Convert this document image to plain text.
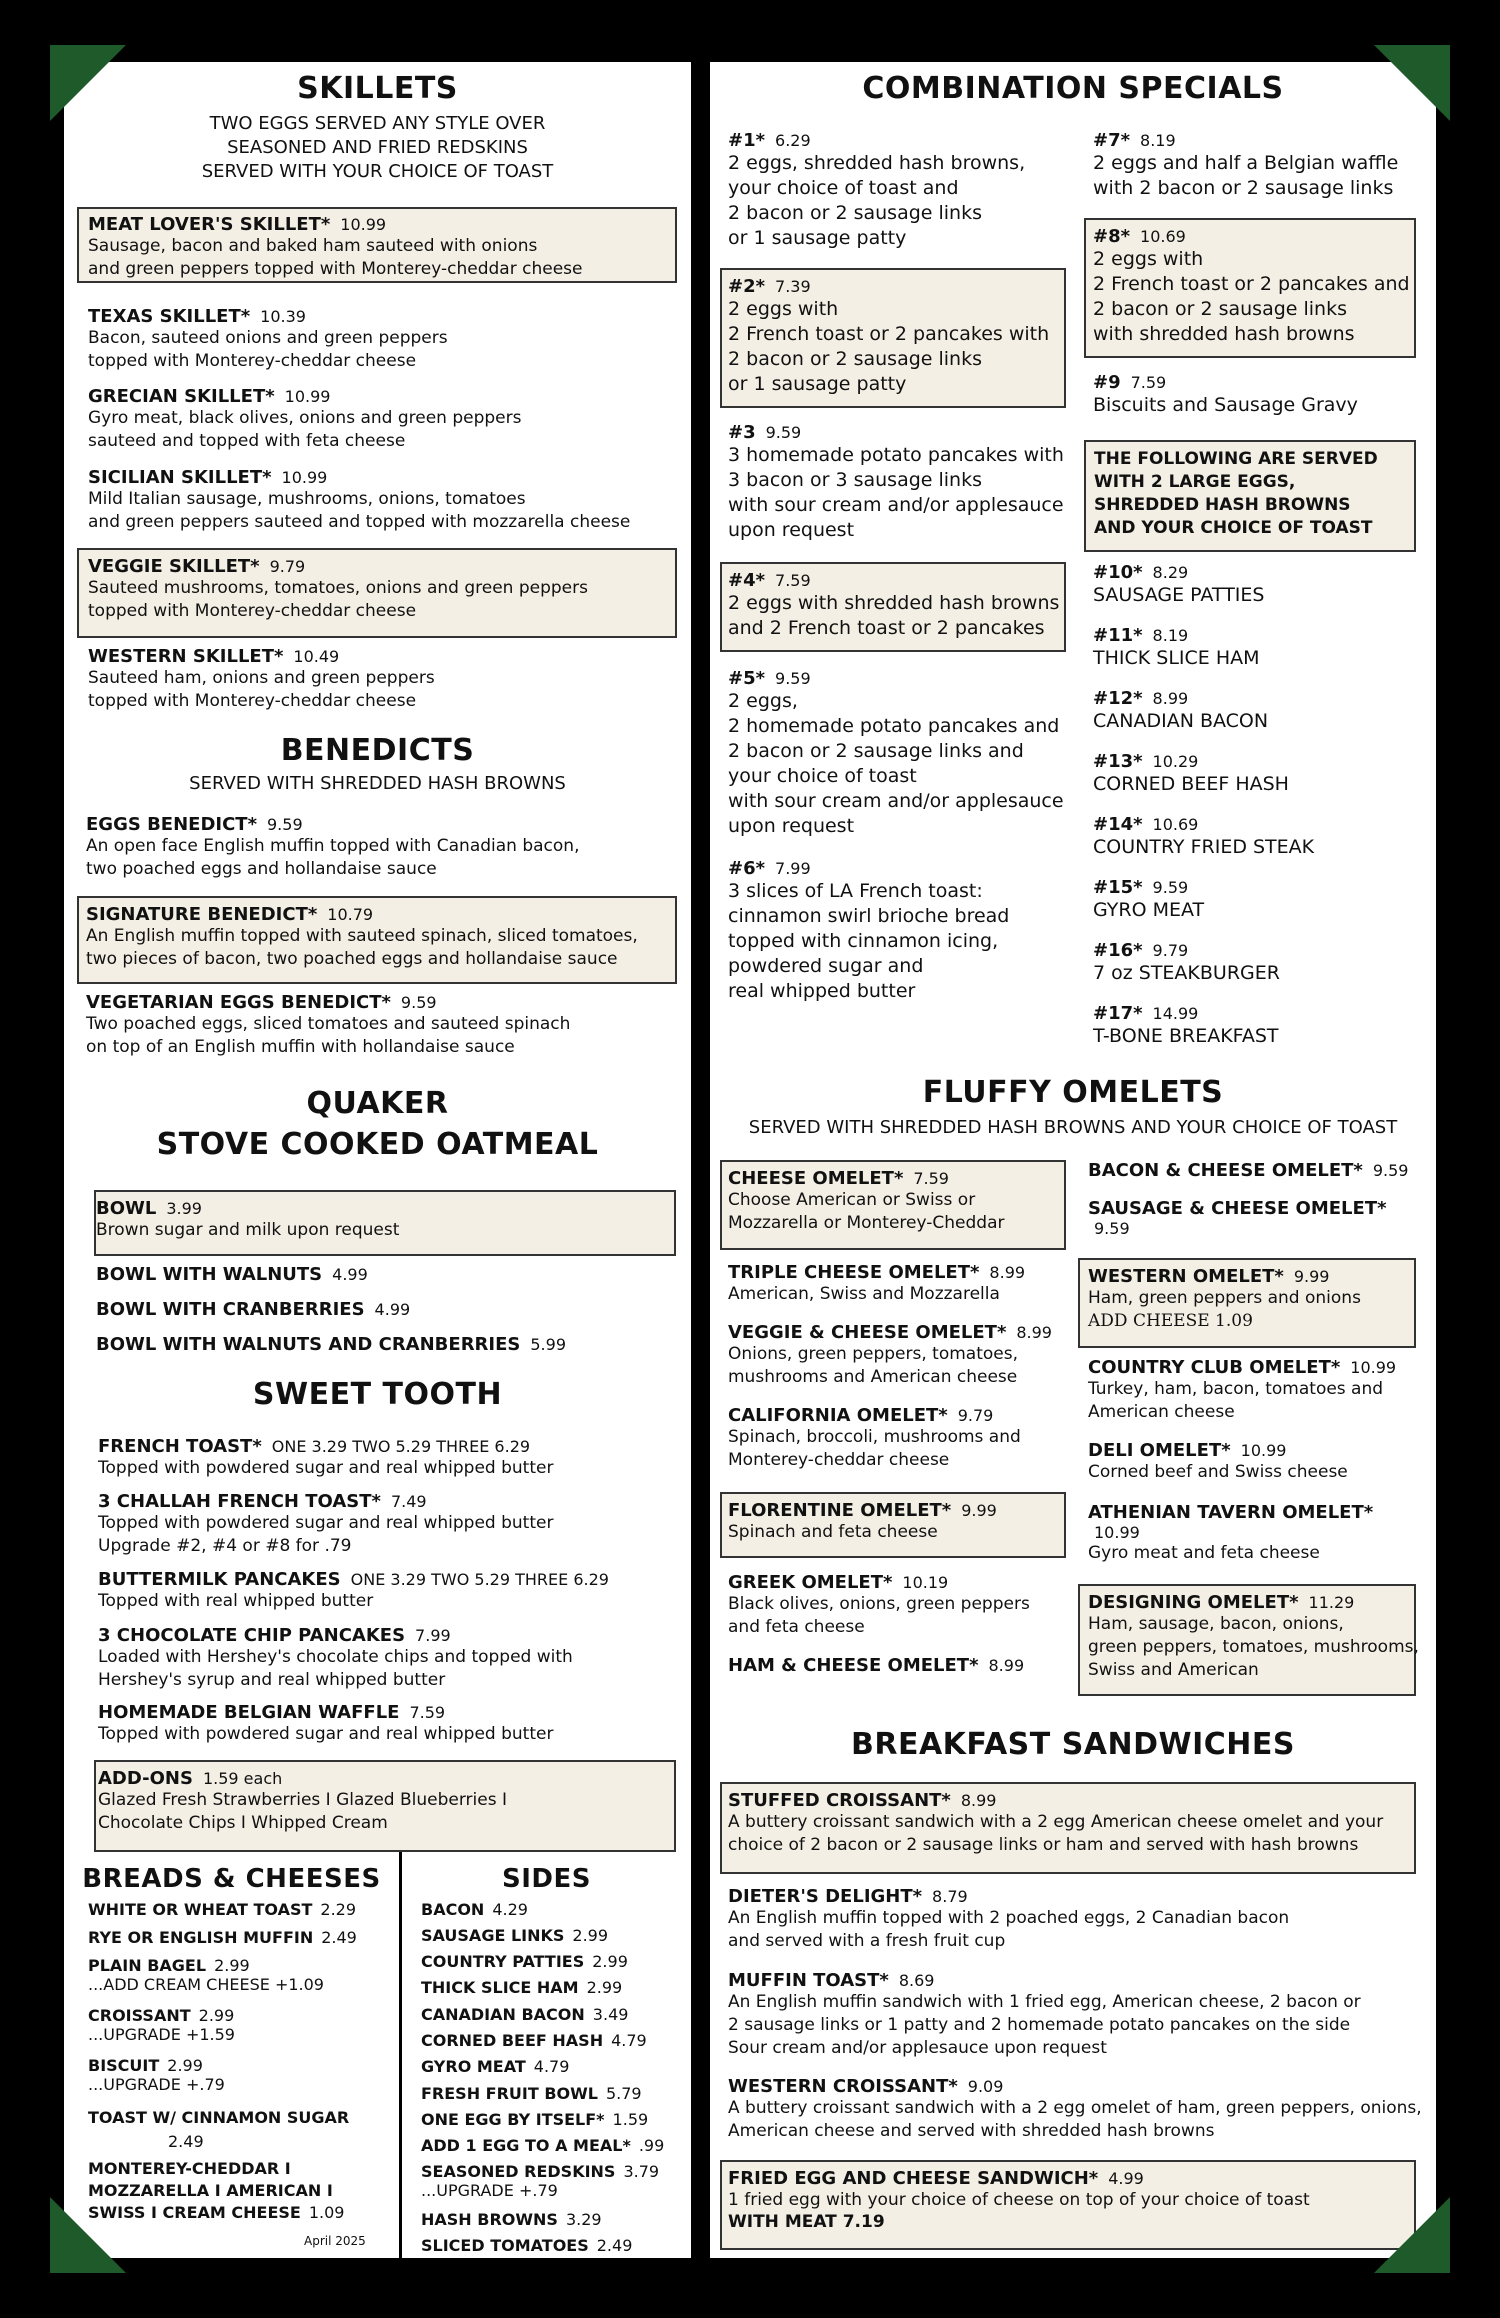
SKILLETS
TWO EGGS SERVED ANY STYLE OVER
SEASONED AND FRIED REDSKINS
SERVED WITH YOUR CHOICE OF TOAST
MEAT LOVER'S SKILLET* 10.99
Sausage, bacon and baked ham sauteed with onions
and green peppers topped with Monterey-cheddar cheese
TEXAS SKILLET* 10.39
Bacon, sauteed onions and green peppers
topped with Monterey-cheddar cheese
GRECIAN SKILLET* 10.99
Gyro meat, black olives, onions and green peppers
sauteed and topped with feta cheese
SICILIAN SKILLET* 10.99
Mild Italian sausage, mushrooms, onions, tomatoes
and green peppers sauteed and topped with mozzarella cheese
VEGGIE SKILLET* 9.79
Sauteed mushrooms, tomatoes, onions and green peppers
topped with Monterey-cheddar cheese
WESTERN SKILLET* 10.49
Sauteed ham, onions and green peppers
topped with Monterey-cheddar cheese
BENEDICTS
SERVED WITH SHREDDED HASH BROWNS
EGGS BENEDICT* 9.59
An open face English muffin topped with Canadian bacon,
two poached eggs and hollandaise sauce
SIGNATURE BENEDICT* 10.79
An English muffin topped with sauteed spinach, sliced tomatoes,
two pieces of bacon, two poached eggs and hollandaise sauce
VEGETARIAN EGGS BENEDICT* 9.59
Two poached eggs, sliced tomatoes and sauteed spinach
on top of an English muffin with hollandaise sauce
QUAKER
STOVE COOKED OATMEAL
BOWL 3.99
Brown sugar and milk upon request
BOWL WITH WALNUTS 4.99
BOWL WITH CRANBERRIES 4.99
BOWL WITH WALNUTS AND CRANBERRIES 5.99
SWEET TOOTH
FRENCH TOAST* ONE 3.29 TWO 5.29 THREE 6.29
Topped with powdered sugar and real whipped butter
3 CHALLAH FRENCH TOAST* 7.49
Topped with powdered sugar and real whipped butter
Upgrade #2, #4 or #8 for .79
BUTTERMILK PANCAKES ONE 3.29 TWO 5.29 THREE 6.29
Topped with real whipped butter
3 CHOCOLATE CHIP PANCAKES 7.99
Loaded with Hershey's chocolate chips and topped with
Hershey's syrup and real whipped butter
HOMEMADE BELGIAN WAFFLE 7.59
Topped with powdered sugar and real whipped butter
ADD-ONS 1.59 each
Glazed Fresh Strawberries I Glazed Blueberries I
Chocolate Chips I Whipped Cream
BREADS & CHEESES
WHITE OR WHEAT TOAST 2.29
RYE OR ENGLISH MUFFIN 2.49
PLAIN BAGEL 2.99
...ADD CREAM CHEESE +1.09
CROISSANT 2.99
...UPGRADE +1.59
BISCUIT 2.99
...UPGRADE +.79
TOAST W/ CINNAMON SUGAR
2.49
MONTEREY-CHEDDAR I
MOZZARELLA I AMERICAN I
SWISS I CREAM CHEESE 1.09
April 2025
SIDES
BACON 4.29
SAUSAGE LINKS 2.99
COUNTRY PATTIES 2.99
THICK SLICE HAM 2.99
CANADIAN BACON 3.49
CORNED BEEF HASH 4.79
GYRO MEAT 4.79
FRESH FRUIT BOWL 5.79
ONE EGG BY ITSELF* 1.59
ADD 1 EGG TO A MEAL* .99
SEASONED REDSKINS 3.79
...UPGRADE +.79
HASH BROWNS 3.29
SLICED TOMATOES 2.49
COMBINATION SPECIALS
#1* 6.29
2 eggs, shredded hash browns,
your choice of toast and
2 bacon or 2 sausage links
or 1 sausage patty
#2* 7.39
2 eggs with
2 French toast or 2 pancakes with
2 bacon or 2 sausage links
or 1 sausage patty
#3 9.59
3 homemade potato pancakes with
3 bacon or 3 sausage links
with sour cream and/or applesauce
upon request
#4* 7.59
2 eggs with shredded hash browns
and 2 French toast or 2 pancakes
#5* 9.59
2 eggs,
2 homemade potato pancakes and
2 bacon or 2 sausage links and
your choice of toast
with sour cream and/or applesauce
upon request
#6* 7.99
3 slices of LA French toast:
cinnamon swirl brioche bread
topped with cinnamon icing,
powdered sugar and
real whipped butter
#7* 8.19
2 eggs and half a Belgian waffle
with 2 bacon or 2 sausage links
#8* 10.69
2 eggs with
2 French toast or 2 pancakes and
2 bacon or 2 sausage links
with shredded hash browns
#9 7.59
Biscuits and Sausage Gravy
THE FOLLOWING ARE SERVED
WITH 2 LARGE EGGS,
SHREDDED HASH BROWNS
AND YOUR CHOICE OF TOAST
#10* 8.29
SAUSAGE PATTIES
#11* 8.19
THICK SLICE HAM
#12* 8.99
CANADIAN BACON
#13* 10.29
CORNED BEEF HASH
#14* 10.69
COUNTRY FRIED STEAK
#15* 9.59
GYRO MEAT
#16* 9.79
7 oz STEAKBURGER
#17* 14.99
T-BONE BREAKFAST
FLUFFY OMELETS
SERVED WITH SHREDDED HASH BROWNS AND YOUR CHOICE OF TOAST
CHEESE OMELET* 7.59
Choose American or Swiss or
Mozzarella or Monterey-Cheddar
TRIPLE CHEESE OMELET* 8.99
American, Swiss and Mozzarella
VEGGIE & CHEESE OMELET* 8.99
Onions, green peppers, tomatoes,
mushrooms and American cheese
CALIFORNIA OMELET* 9.79
Spinach, broccoli, mushrooms and
Monterey-cheddar cheese
FLORENTINE OMELET* 9.99
Spinach and feta cheese
GREEK OMELET* 10.19
Black olives, onions, green peppers
and feta cheese
HAM & CHEESE OMELET* 8.99
BACON & CHEESE OMELET* 9.59
SAUSAGE & CHEESE OMELET*
9.59
WESTERN OMELET* 9.99
Ham, green peppers and onions
ADD CHEESE 1.09
COUNTRY CLUB OMELET* 10.99
Turkey, ham, bacon, tomatoes and
American cheese
DELI OMELET* 10.99
Corned beef and Swiss cheese
ATHENIAN TAVERN OMELET*
10.99
Gyro meat and feta cheese
DESIGNING OMELET* 11.29
Ham, sausage, bacon, onions,
green peppers, tomatoes, mushrooms,
Swiss and American
BREAKFAST SANDWICHES
STUFFED CROISSANT* 8.99
A buttery croissant sandwich with a 2 egg American cheese omelet and your
choice of 2 bacon or 2 sausage links or ham and served with hash browns
DIETER'S DELIGHT* 8.79
An English muffin topped with 2 poached eggs, 2 Canadian bacon
and served with a fresh fruit cup
MUFFIN TOAST* 8.69
An English muffin sandwich with 1 fried egg, American cheese, 2 bacon or
2 sausage links or 1 patty and 2 homemade potato pancakes on the side
Sour cream and/or applesauce upon request
WESTERN CROISSANT* 9.09
A buttery croissant sandwich with a 2 egg omelet of ham, green peppers, onions,
American cheese and served with shredded hash browns
FRIED EGG AND CHEESE SANDWICH* 4.99
1 fried egg with your choice of cheese on top of your choice of toast
WITH MEAT 7.19
